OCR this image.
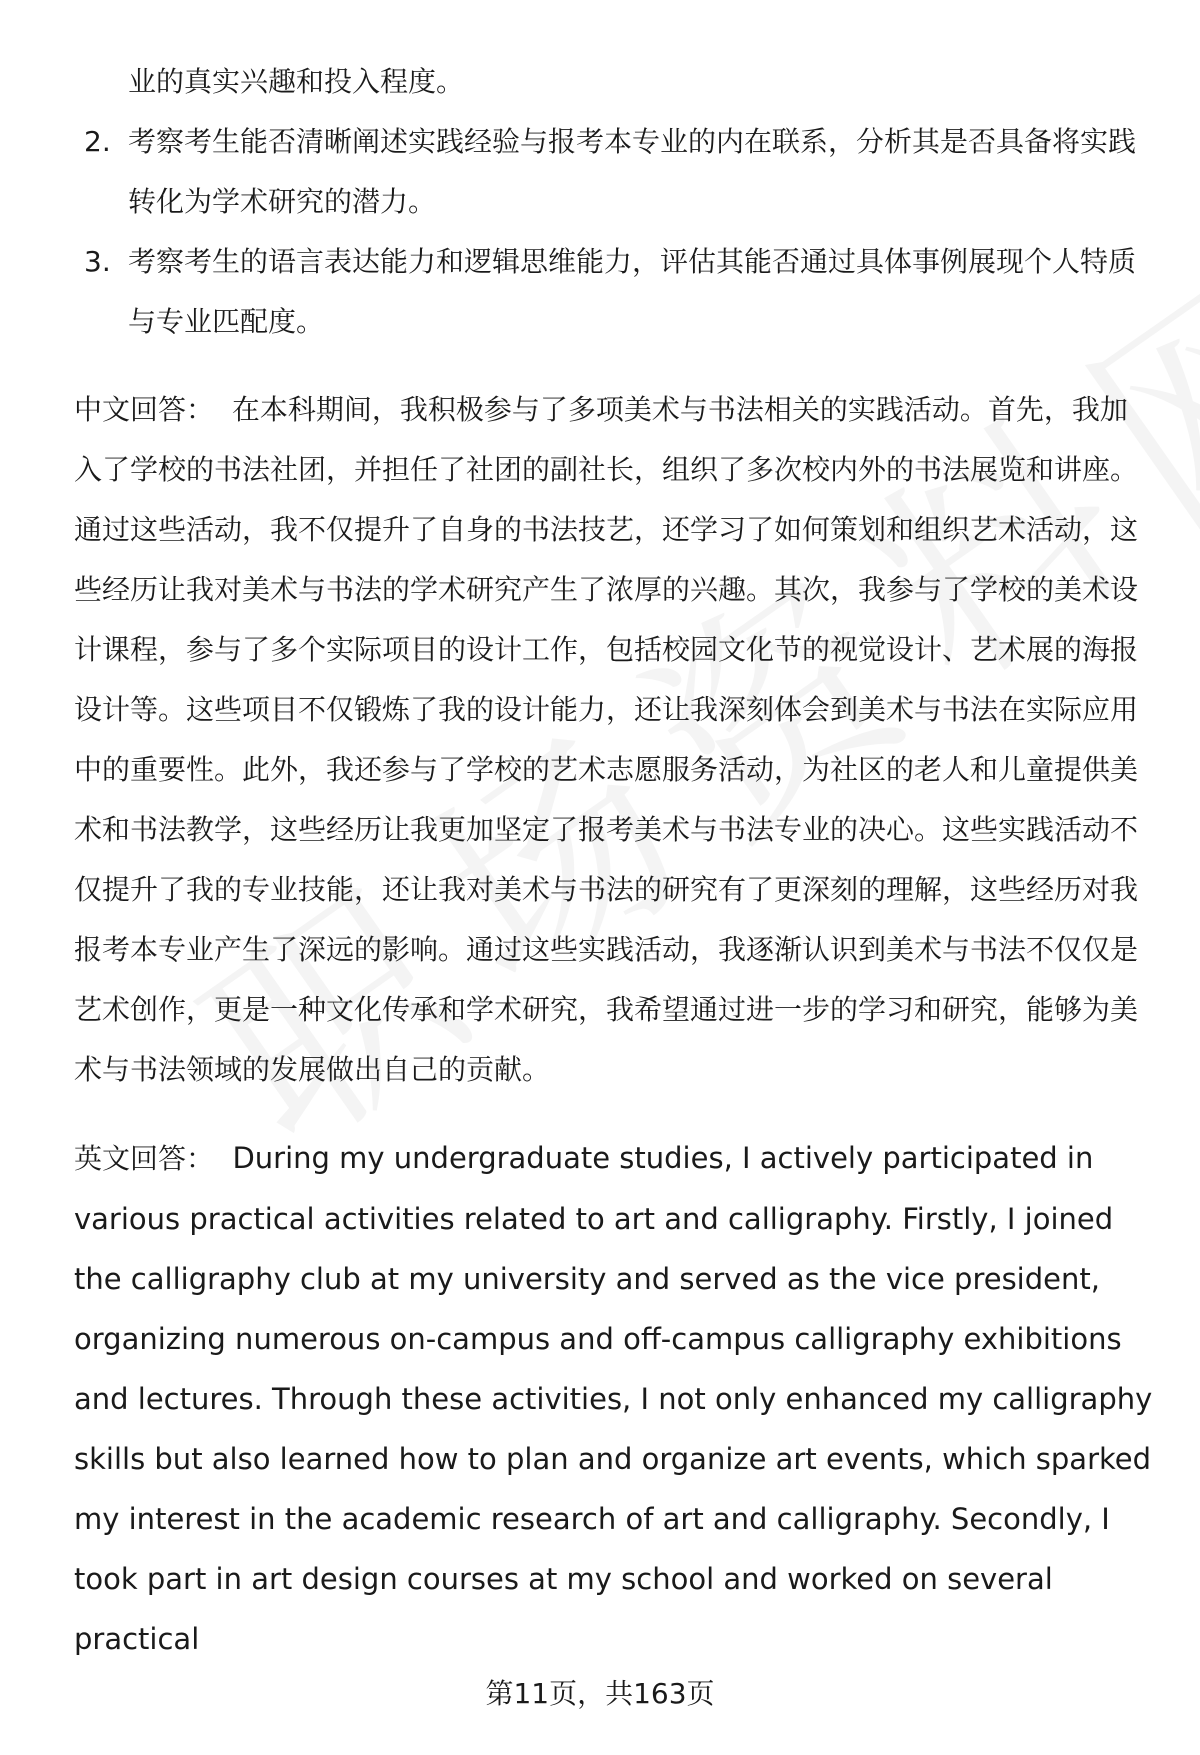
业的真实兴趣和投入程度。
2. 考察考生能否清晰阐述实践经验与报考本专业的内在联系，分析其是否具备将实践转化为学术研究的潜力。
3. 考察考生的语言表达能力和逻辑思维能力，评估其能否通过具体事例展现个人特质与专业匹配度。

中文回答： 在本科期间，我积极参与了多项美术与书法相关的实践活动。首先，我加入了学校的书法社团，并担任了社团的副社长，组织了多次校内外的书法展览和讲座。通过这些活动，我不仅提升了自身的书法技艺，还学习了如何策划和组织艺术活动，这些经历让我对美术与书法的学术研究产生了浓厚的兴趣。其次，我参与了学校的美术设计课程，参与了多个实际项目的设计工作，包括校园文化节的视觉设计、艺术展的海报设计等。这些项目不仅锻炼了我的设计能力，还让我深刻体会到美术与书法在实际应用中的重要性。此外，我还参与了学校的艺术志愿服务活动，为社区的老人和儿童提供美术和书法教学，这些经历让我更加坚定了报考美术与书法专业的决心。这些实践活动不仅提升了我的专业技能，还让我对美术与书法的研究有了更深刻的理解，这些经历对我报考本专业产生了深远的影响。通过这些实践活动，我逐渐认识到美术与书法不仅仅是艺术创作，更是一种文化传承和学术研究，我希望通过进一步的学习和研究，能够为美术与书法领域的发展做出自己的贡献。

英文回答： During my undergraduate studies, I actively participated in various practical activities related to art and calligraphy. Firstly, I joined the calligraphy club at my university and served as the vice president, organizing numerous on-campus and off-campus calligraphy exhibitions and lectures. Through these activities, I not only enhanced my calligraphy skills but also learned how to plan and organize art events, which sparked my interest in the academic research of art and calligraphy. Secondly, I took part in art design courses at my school and worked on several practical

第11页，共163页
